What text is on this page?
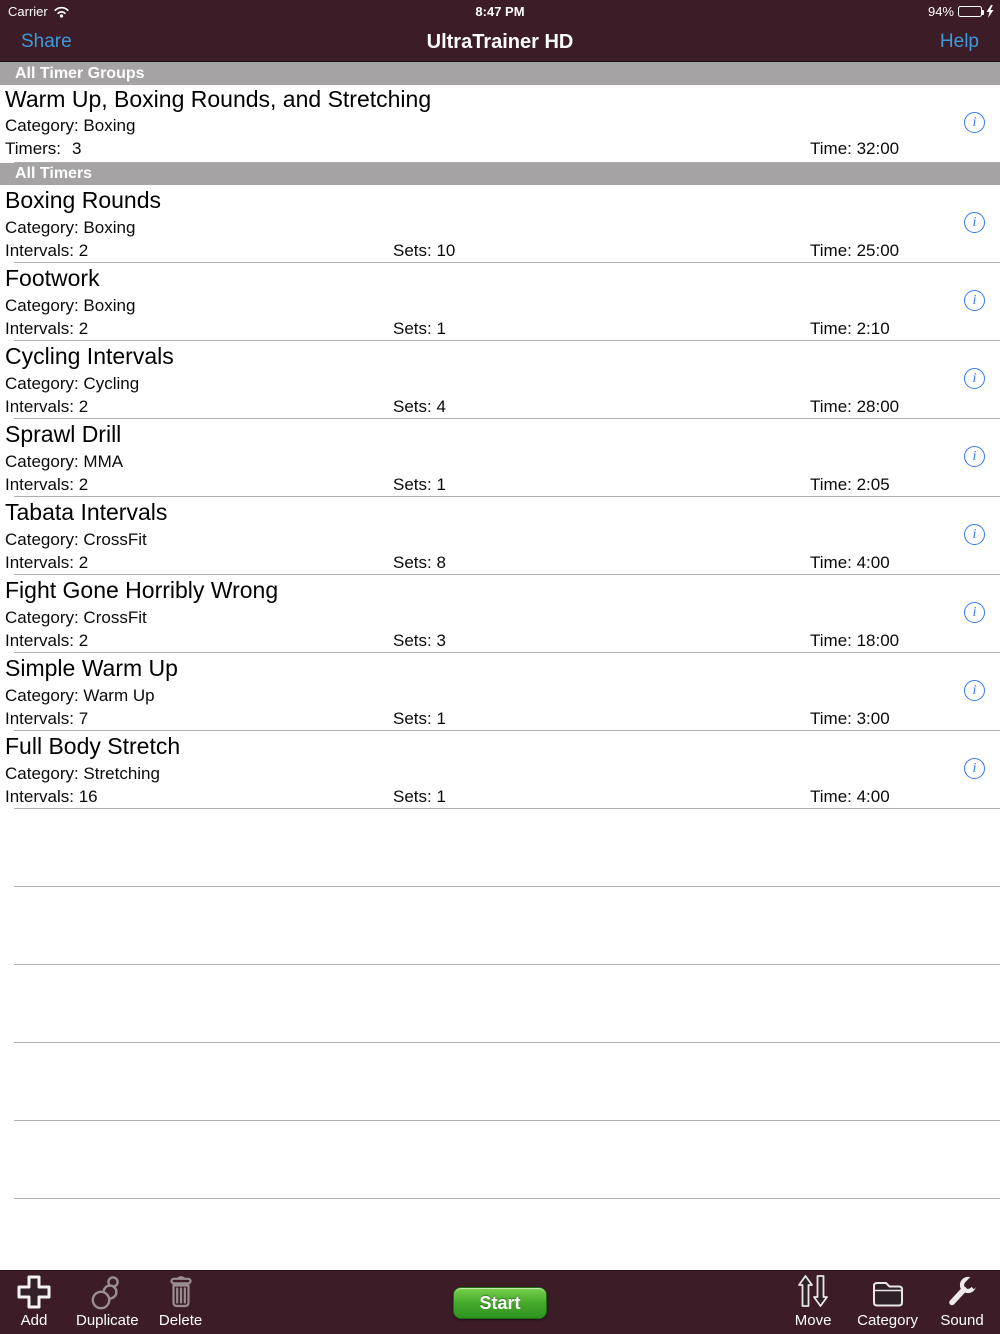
Carrier	8:47 PM	94%
Share	UltraTrainer HD	Help
All Timer Groups
Warm Up, Boxing Rounds, and Stretching
Category: Boxing
Timers: 3	Time: 32:00
i
All Timers
Boxing Rounds
Category: Boxing
Intervals: 2	Sets: 10	Time: 25:00
i
Footwork
Category: Boxing
Intervals: 2	Sets: 1	Time: 2:10
i
Cycling Intervals
Category: Cycling
Intervals: 2	Sets: 4	Time: 28:00
i
Sprawl Drill
Category: MMA
Intervals: 2	Sets: 1	Time: 2:05
i
Tabata Intervals
Category: CrossFit
Intervals: 2	Sets: 8	Time: 4:00
i
Fight Gone Horribly Wrong
Category: CrossFit
Intervals: 2	Sets: 3	Time: 18:00
i
Simple Warm Up
Category: Warm Up
Intervals: 7	Sets: 1	Time: 3:00
i
Full Body Stretch
Category: Stretching
Intervals: 16	Sets: 1	Time: 4:00
i
Add Duplicate Delete
Start
Move Category Sound
